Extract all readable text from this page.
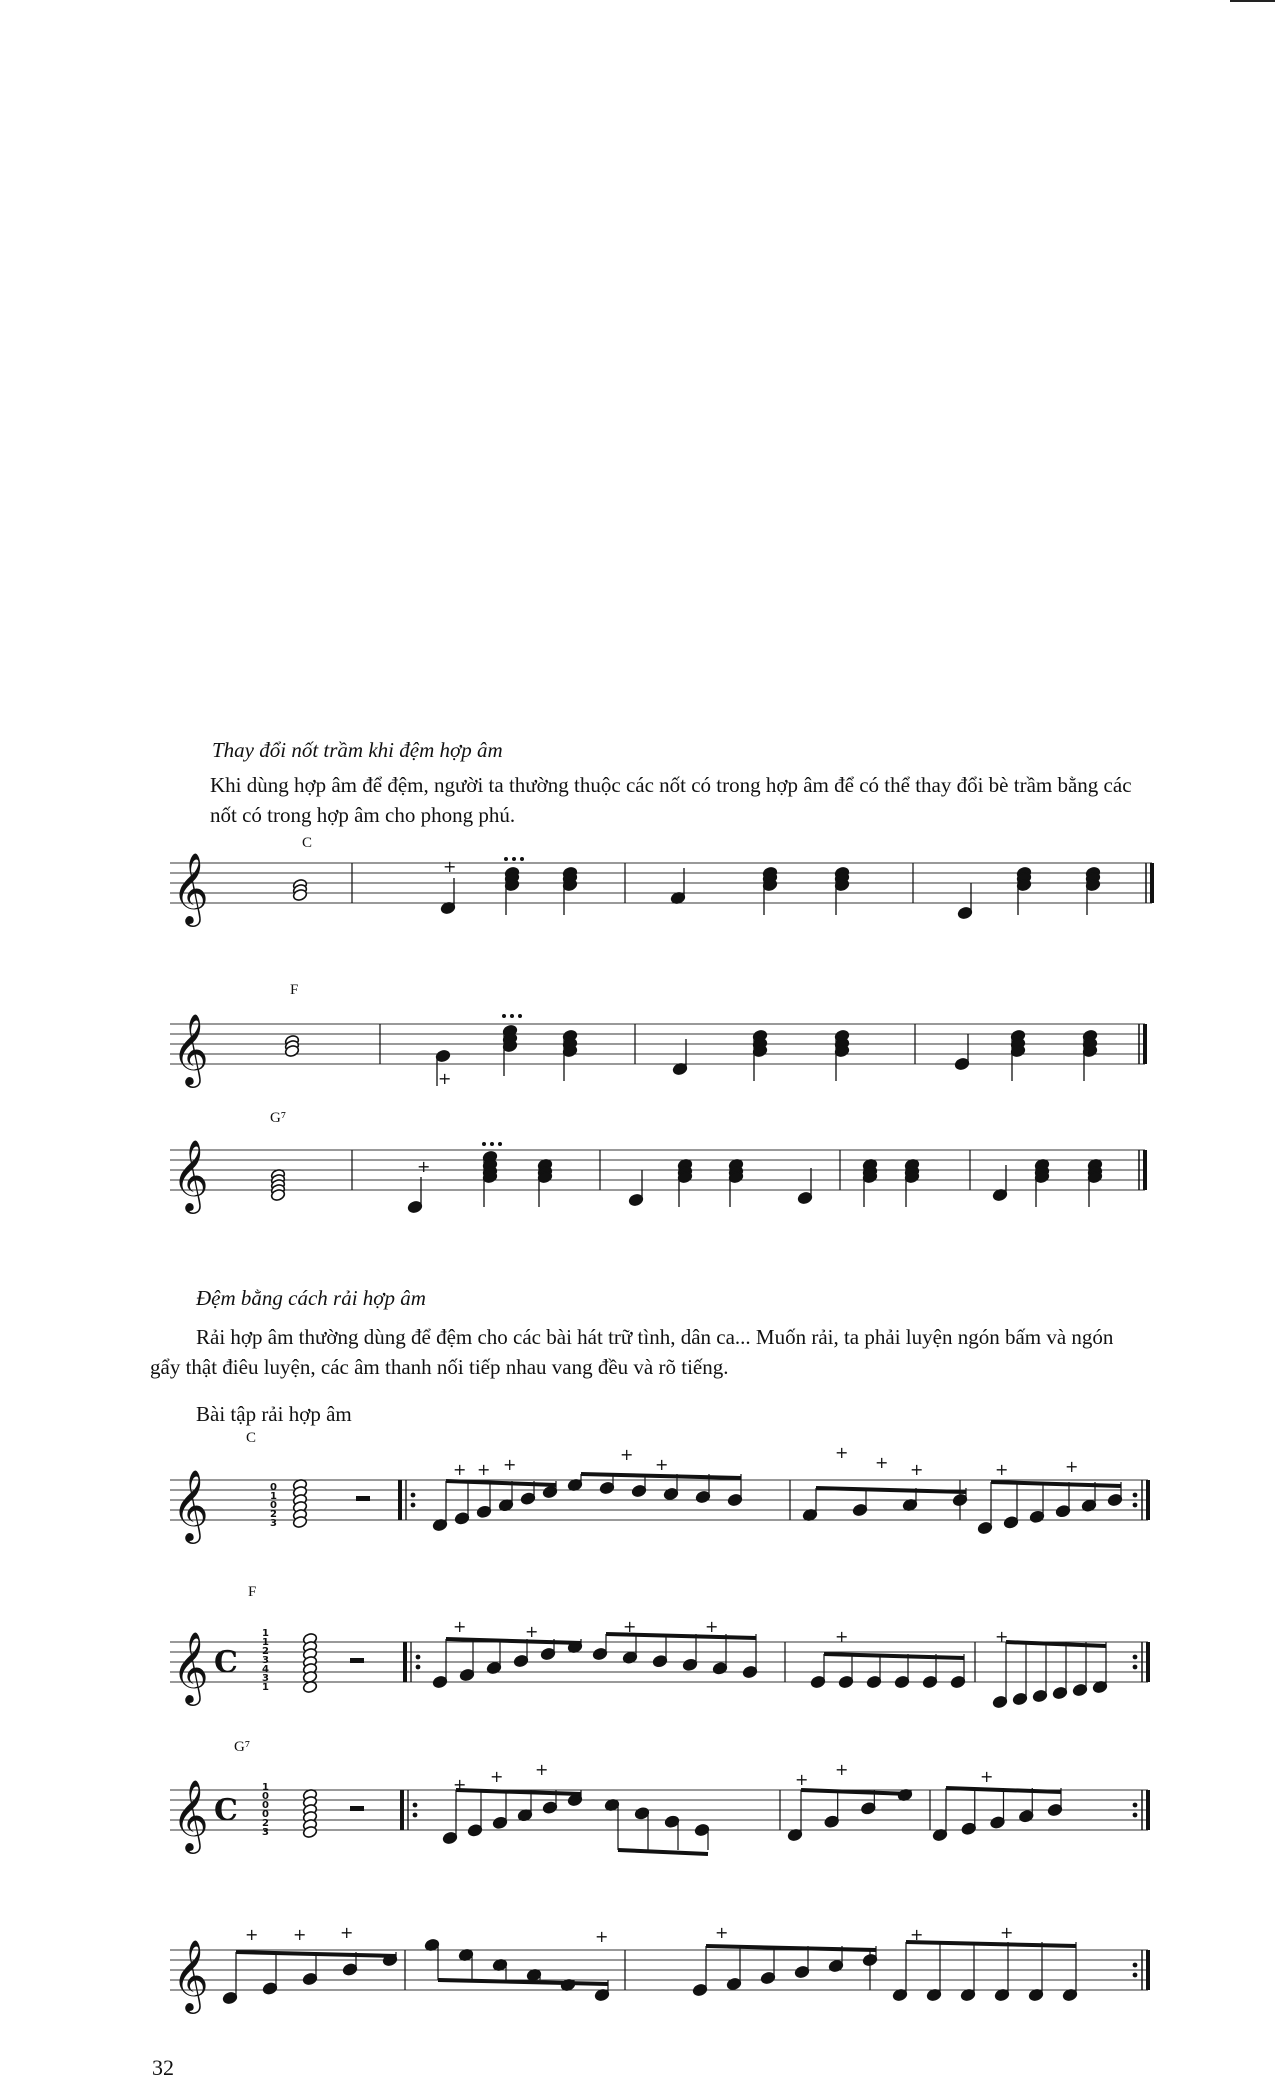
Thay đổi nốt trầm khi đệm hợp âm

Khi dùng hợp âm để đệm, người ta thường thuộc các nốt có trong hợp âm để có thể thay đổi bè trầm bằng các nốt có trong hợp âm cho phong phú.

C
𝄞	+
F
𝄞	+
G⁷
𝄞	+
Đệm bằng cách rải hợp âm

Rải hợp âm thường dùng để đệm cho các bài hát trữ tình, dân ca... Muốn rải, ta phải luyện ngón bấm và ngón gẩy thật điêu luyện, các âm thanh nối tiếp nhau vang đều và rõ tiếng.

Bài tập rải hợp âm
C
𝄞	0
1
0
2
3
+ + +
+
+
+
+ +	+	+
F
𝄞 C
1
1
2
3
4
3
1
+	+	+	+
+	+
G⁷
𝄞 C
1
0
0
0
2
3
+ + +
+
+	+
𝄞
+ + +	+	+	+	+
32
